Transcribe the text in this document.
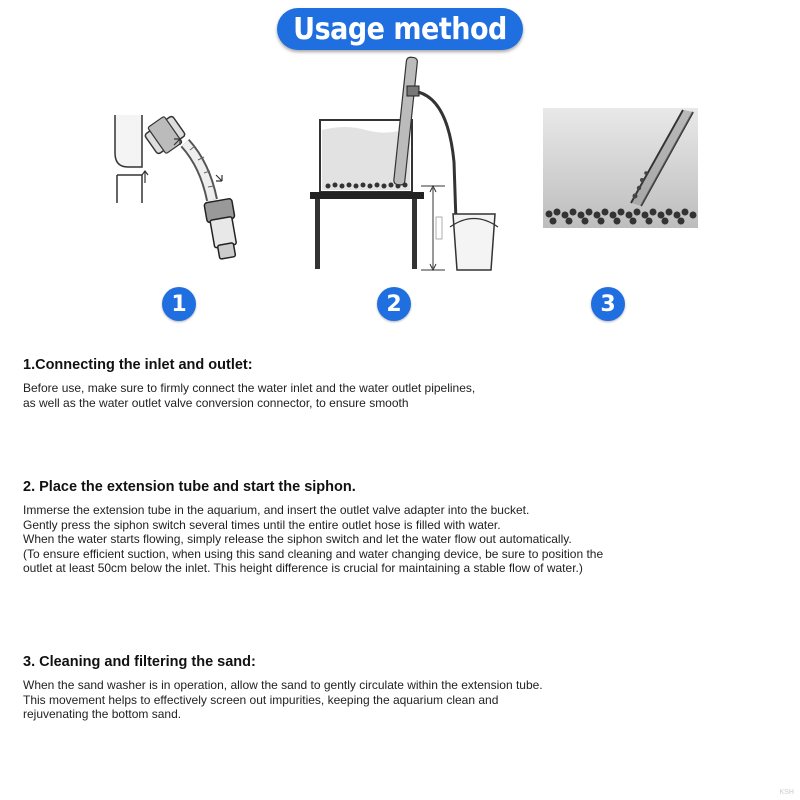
Usage method
1	2	3
1.Connecting the inlet and outlet:

Before use, make sure to firmly connect the water inlet and the water outlet pipelines,
as well as the water outlet valve conversion connector, to ensure smooth

2. Place the extension tube and start the siphon.

Immerse the extension tube in the aquarium, and insert the outlet valve adapter into the bucket.
Gently press the siphon switch several times until the entire outlet hose is filled with water.
When the water starts flowing, simply release the siphon switch and let the water flow out automatically.
(To ensure efficient suction, when using this sand cleaning and water changing device, be sure to position the
outlet at least 50cm below the inlet. This height difference is crucial for maintaining a stable flow of water.)

3. Cleaning and filtering the sand:

When the sand washer is in operation, allow the sand to gently circulate within the extension tube.
This movement helps to effectively screen out impurities, keeping the aquarium clean and
rejuvenating the bottom sand.

KSH
